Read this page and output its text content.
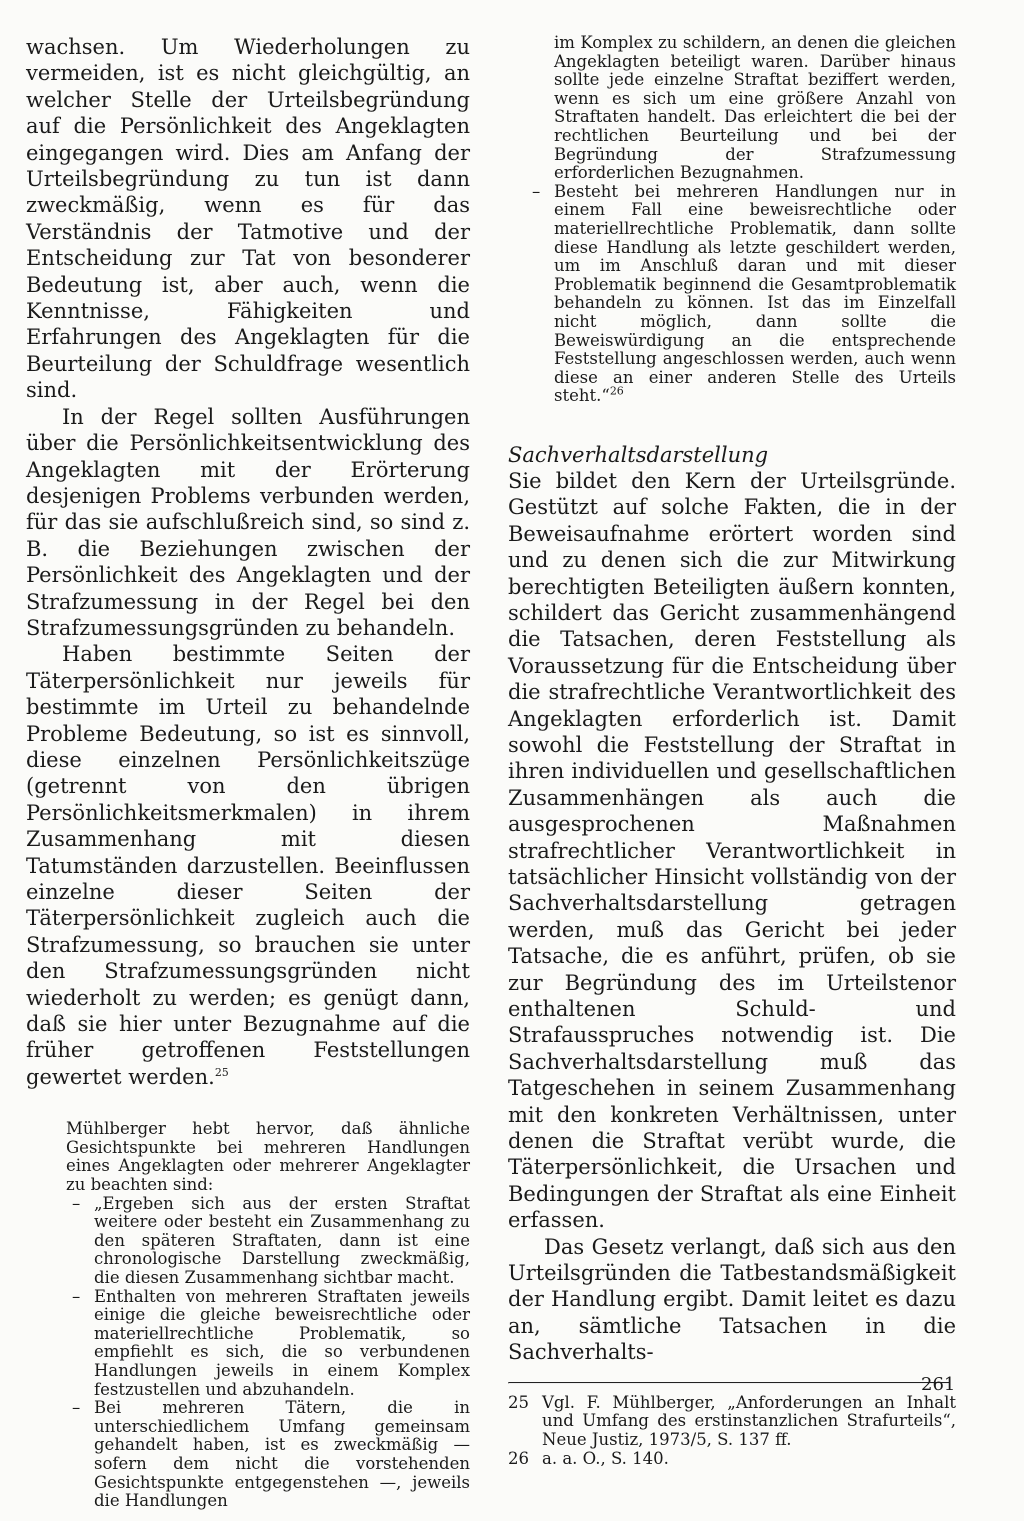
wachsen. Um Wiederholungen zu vermeiden, ist es nicht gleichgültig, an welcher Stelle der Urteilsbegründung auf die Persönlichkeit des Angeklagten eingegangen wird. Dies am Anfang der Urteilsbegründung zu tun ist dann zweckmäßig, wenn es für das Verständnis der Tatmotive und der Entscheidung zur Tat von besonderer Bedeutung ist, aber auch, wenn die Kenntnisse, Fähigkeiten und Erfahrungen des Angeklagten für die Beurteilung der Schuldfrage wesentlich sind.

In der Regel sollten Ausführungen über die Persönlichkeitsentwicklung des Angeklagten mit der Erörterung desjenigen Problems verbunden werden, für das sie aufschlußreich sind, so sind z. B. die Beziehungen zwischen der Persönlichkeit des Angeklagten und der Strafzumessung in der Regel bei den Strafzumessungsgründen zu behandeln.

Haben bestimmte Seiten der Täterpersönlichkeit nur jeweils für bestimmte im Urteil zu behandelnde Probleme Bedeutung, so ist es sinnvoll, diese einzelnen Persönlichkeitszüge (getrennt von den übrigen Persönlichkeitsmerkmalen) in ihrem Zusammenhang mit diesen Tatumständen darzustellen. Beeinflussen einzelne dieser Seiten der Täterpersönlichkeit zugleich auch die Strafzumessung, so brauchen sie unter den Strafzumessungsgründen nicht wiederholt zu werden; es genügt dann, daß sie hier unter Bezugnahme auf die früher getroffenen Feststellungen gewertet werden.$^{25}$

Mühlberger hebt hervor, daß ähnliche Gesichtspunkte bei mehreren Handlungen eines Angeklagten oder mehrerer Angeklagter zu beachten sind:

– „Ergeben sich aus der ersten Straftat weitere oder besteht ein Zusammenhang zu den späteren Straftaten, dann ist eine chronologische Darstellung zweckmäßig, die diesen Zusammenhang sichtbar macht.
– Enthalten von mehreren Straftaten jeweils einige die gleiche beweisrechtliche oder materiellrechtliche Problematik, so empfiehlt es sich, die so verbundenen Handlungen jeweils in einem Komplex festzustellen und abzuhandeln.
– Bei mehreren Tätern, die in unterschiedlichem Umfang gemeinsam gehandelt haben, ist es zweckmäßig — sofern dem nicht die vorstehenden Gesichtspunkte entgegenstehen —, jeweils die Handlungen

im Komplex zu schildern, an denen die gleichen Angeklagten beteiligt waren. Darüber hinaus sollte jede einzelne Straftat beziffert werden, wenn es sich um eine größere Anzahl von Straftaten handelt. Das erleichtert die bei der rechtlichen Beurteilung und bei der Begründung der Strafzumessung erforderlichen Bezugnahmen.

– Besteht bei mehreren Handlungen nur in einem Fall eine beweisrechtliche oder materiellrechtliche Problematik, dann sollte diese Handlung als letzte geschildert werden, um im Anschluß daran und mit dieser Problematik beginnend die Gesamtproblematik behandeln zu können. Ist das im Einzelfall nicht möglich, dann sollte die Beweiswürdigung an die entsprechende Feststellung angeschlossen werden, auch wenn diese an einer anderen Stelle des Urteils steht.“$^{26}$
Sachverhaltsdarstellung

Sie bildet den Kern der Urteilsgründe. Gestützt auf solche Fakten, die in der Beweisaufnahme erörtert worden sind und zu denen sich die zur Mitwirkung berechtigten Beteiligten äußern konnten, schildert das Gericht zusammenhängend die Tatsachen, deren Feststellung als Voraussetzung für die Entscheidung über die strafrechtliche Verantwortlichkeit des Angeklagten erforderlich ist. Damit sowohl die Feststellung der Straftat in ihren individuellen und gesellschaftlichen Zusammenhängen als auch die ausgesprochenen Maßnahmen strafrechtlicher Verantwortlichkeit in tatsächlicher Hinsicht vollständig von der Sachverhaltsdarstellung getragen werden, muß das Gericht bei jeder Tatsache, die es anführt, prüfen, ob sie zur Begründung des im Urteilstenor enthaltenen Schuld- und Strafausspruches notwendig ist. Die Sachverhaltsdarstellung muß das Tatgeschehen in seinem Zusammenhang mit den konkreten Verhältnissen, unter denen die Straftat verübt wurde, die Täterpersönlichkeit, die Ursachen und Bedingungen der Straftat als eine Einheit erfassen.

Das Gesetz verlangt, daß sich aus den Urteilsgründen die Tatbestandsmäßigkeit der Handlung ergibt. Damit leitet es dazu an, sämtliche Tatsachen in die Sachverhalts-

25 Vgl. F. Mühlberger, „Anforderungen an Inhalt und Umfang des erstinstanzlichen Strafurteils“, Neue Justiz, 1973/5, S. 137 ff.
26 a. a. O., S. 140.
261
